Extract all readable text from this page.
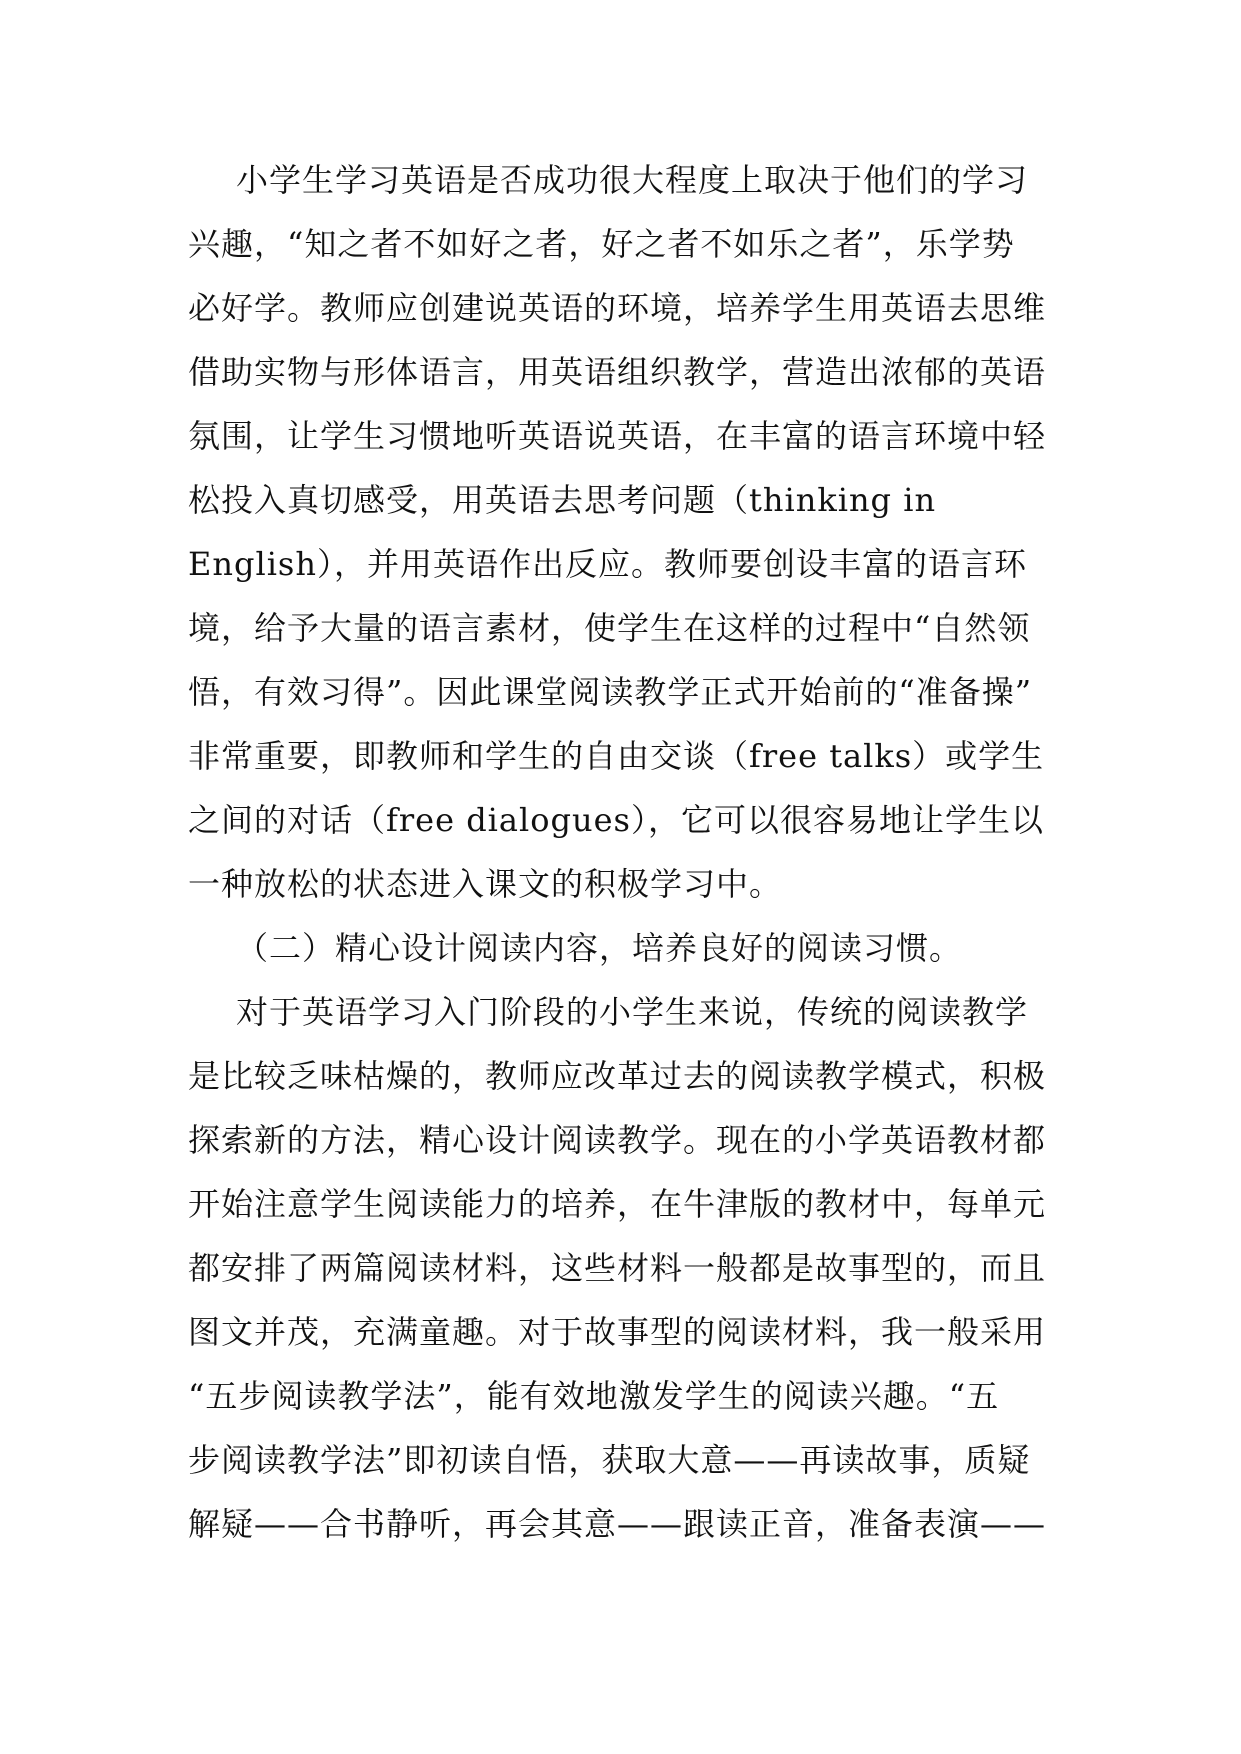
小学生学习英语是否成功很大程度上取决于他们的学习
兴趣，“知之者不如好之者，好之者不如乐之者”，乐学势
必好学。教师应创建说英语的环境，培养学生用英语去思维
借助实物与形体语言，用英语组织教学，营造出浓郁的英语
氛围，让学生习惯地听英语说英语，在丰富的语言环境中轻
松投入真切感受，用英语去思考问题（thinking in
English），并用英语作出反应。教师要创设丰富的语言环
境，给予大量的语言素材，使学生在这样的过程中“自然领
悟，有效习得”。因此课堂阅读教学正式开始前的“准备操”
非常重要，即教师和学生的自由交谈（free talks）或学生
之间的对话（free dialogues），它可以很容易地让学生以
一种放松的状态进入课文的积极学习中。
（二）精心设计阅读内容，培养良好的阅读习惯。
对于英语学习入门阶段的小学生来说，传统的阅读教学
是比较乏味枯燥的，教师应改革过去的阅读教学模式，积极
探索新的方法，精心设计阅读教学。现在的小学英语教材都
开始注意学生阅读能力的培养，在牛津版的教材中，每单元
都安排了两篇阅读材料，这些材料一般都是故事型的，而且
图文并茂，充满童趣。对于故事型的阅读材料，我一般采用
“五步阅读教学法”，能有效地激发学生的阅读兴趣。“五
步阅读教学法”即初读自悟，获取大意——再读故事，质疑
解疑——合书静听，再会其意——跟读正音，准备表演——
